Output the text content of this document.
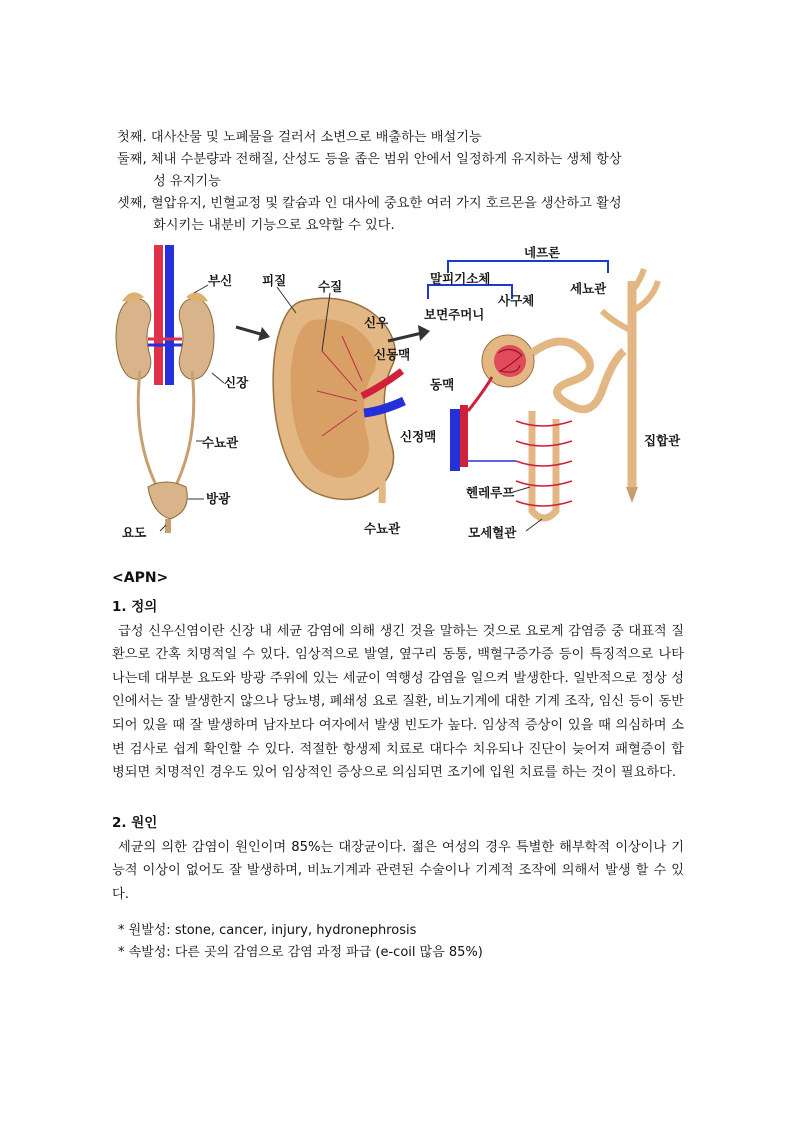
첫째. 대사산물 및 노폐물을 걸러서 소변으로 배출하는 배설기능

둘째, 체내 수분량과 전해질, 산성도 등을 좁은 범위 안에서 일정하게 유지하는 생체 항상

성 유지기능

셋째, 혈압유지, 빈혈교정 및 칼슘과 인 대사에 중요한 여러 가지 호르몬을 생산하고 활성

화시키는 내분비 기능으로 요약할 수 있다.

부신
신장
수뇨관
방광
요도
피질	수질
신우
신동맥
신정맥
수뇨관
네프론
말피기소체
사구체
보면주머니
세뇨관
동맥
집합관
헨레루프
모세혈관
<APN>
1. 정의

급성 신우신염이란 신장 내 세균 감염에 의해 생긴 것을 말하는 것으로 요로계 감염증 중 대표적 질환으로 간혹 치명적일 수 있다. 임상적으로 발열, 옆구리 동통, 백혈구증가증 등이 특징적으로 나타나는데 대부분 요도와 방광 주위에 있는 세균이 역행성 감염을 일으켜 발생한다. 일반적으로 정상 성인에서는 잘 발생한지 않으나 당뇨병, 폐쇄성 요로 질환, 비뇨기계에 대한 기계 조작, 임신 등이 동반되어 있을 때 잘 발생하며 남자보다 여자에서 발생 빈도가 높다. 임상적 증상이 있을 때 의심하며 소변 검사로 쉽게 확인할 수 있다. 적절한 항생제 치료로 대다수 치유되나 진단이 늦어져 패혈증이 합병되면 치명적인 경우도 있어 임상적인 증상으로 의심되면 조기에 입원 치료를 하는 것이 필요하다.

2. 원인

세균의 의한 감염이 원인이며 85%는 대장균이다. 젊은 여성의 경우 특별한 해부학적 이상이나 기능적 이상이 없어도 잘 발생하며, 비뇨기계과 관련된 수술이나 기계적 조작에 의해서 발생 할 수 있다.

* 원발성: stone, cancer, injury, hydronephrosis
* 속발성: 다른 곳의 감염으로 감염 과정 파급 (e-coil 많음 85%)
